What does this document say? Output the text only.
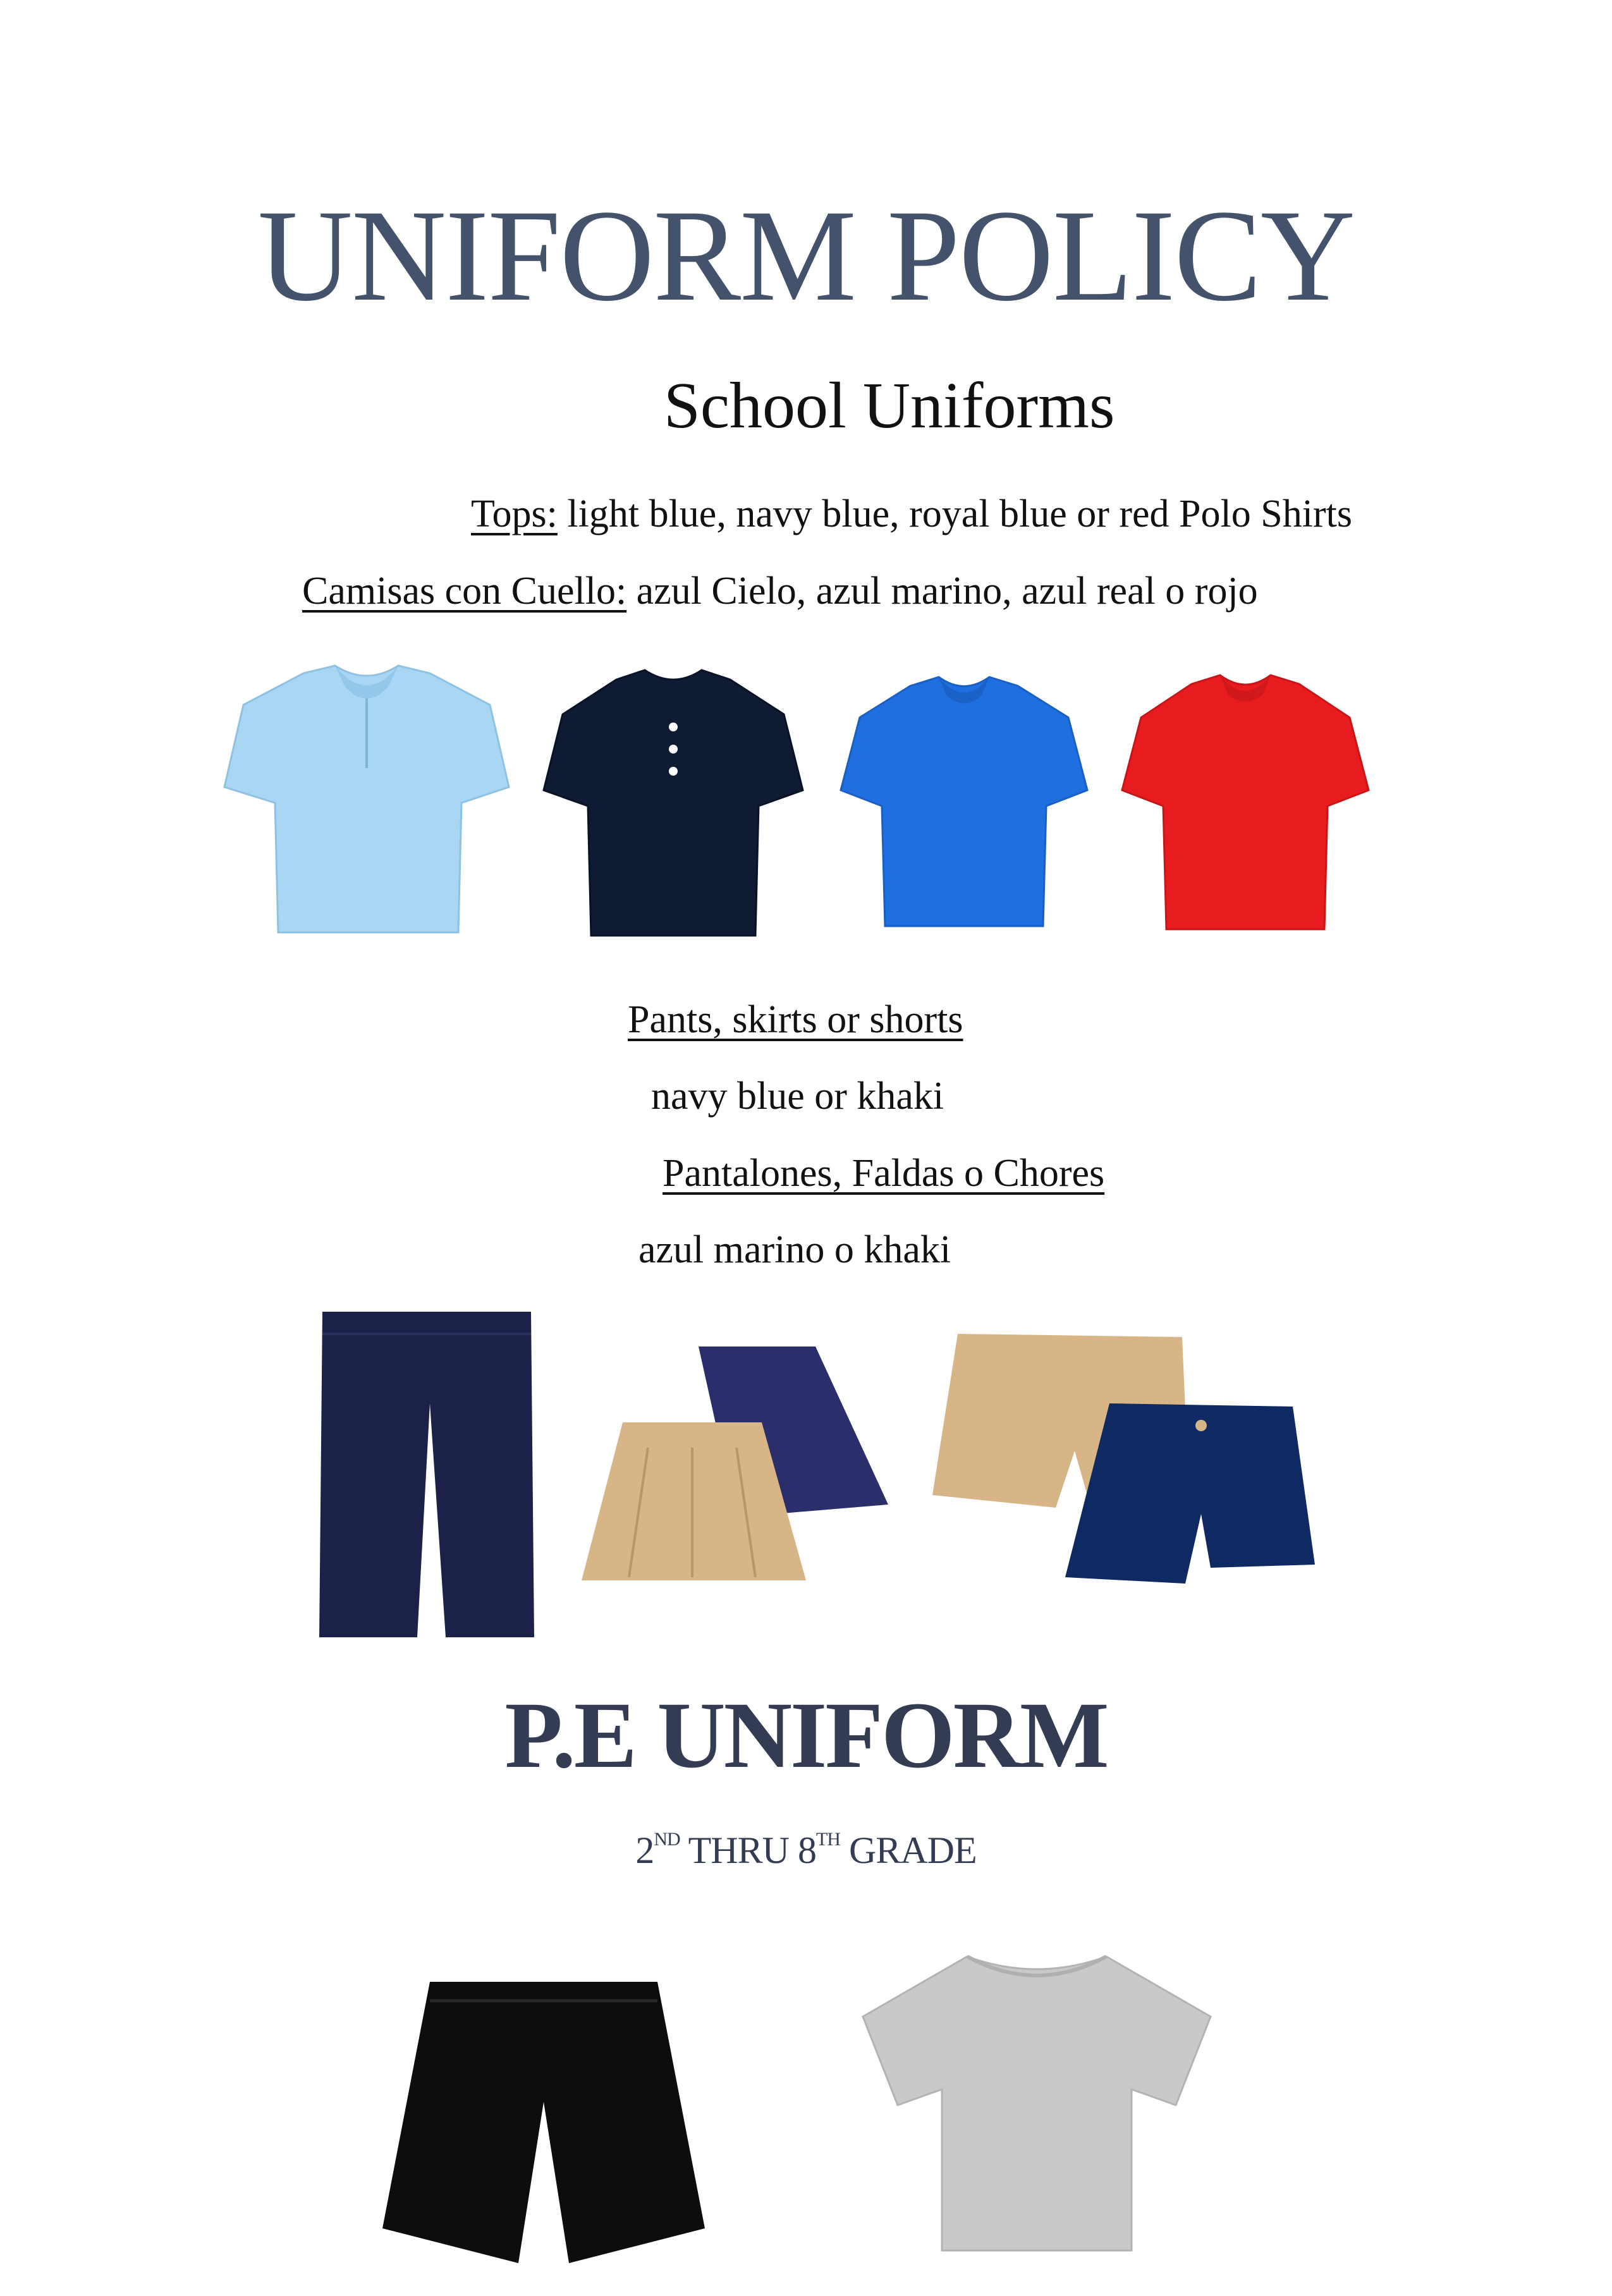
UNIFORM POLICY
School Uniforms
Tops: light blue, navy blue, royal blue or red Polo Shirts
Camisas con Cuello: azul Cielo, azul marino, azul real o rojo
Pants, skirts or shorts
navy blue or khaki
Pantalones, Faldas o Chores
azul marino o khaki
P.E UNIFORM
2ND THRU 8TH GRADE
